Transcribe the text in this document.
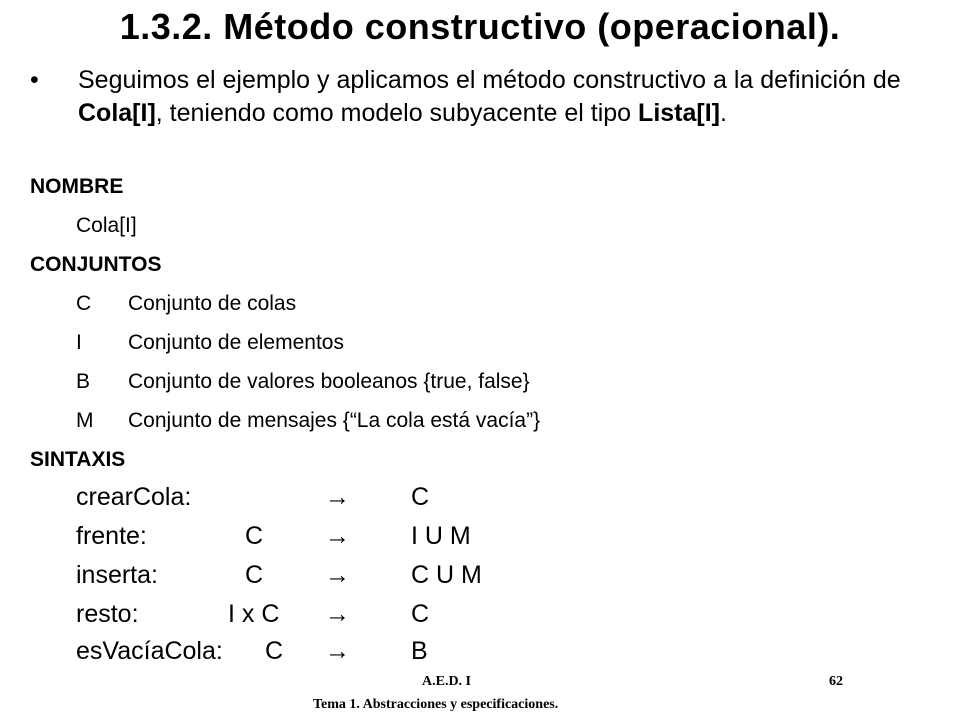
1.3.2. Método constructivo (operacional).
• Seguimos el ejemplo y aplicamos el método constructivo a la definición de Cola[I], teniendo como modelo subyacente el tipo Lista[I].
NOMBRE
Cola[I]
CONJUNTOS
C Conjunto de colas
I Conjunto de elementos
B Conjunto de valores booleanos {true, false}
M Conjunto de mensajes {“La cola está vacía”}
SINTAXIS
crearCola:	→ C
frente:	C → I U M
inserta:	C → C U M
resto:	I x C → C
esVacíaCola: C → B
A.E.D. I	62
Tema 1. Abstracciones y especificaciones.
